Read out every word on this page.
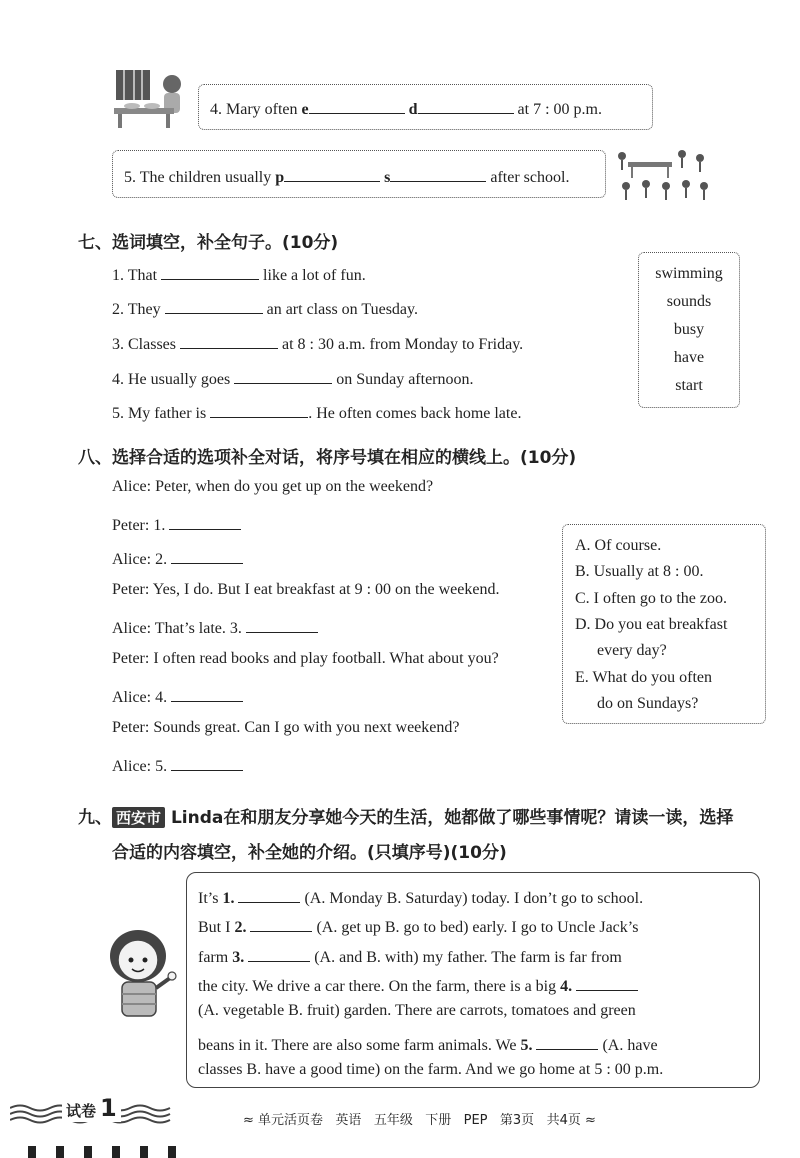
4. Mary often e	d	at 7 : 00 p.m.
5. The children usually p	s	after school.
七、选词填空，补全句子。(10分)
1. That	like a lot of fun.
2. They	an art class on Tuesday.
3. Classes	at 8 : 30 a.m. from Monday to Friday.
4. He usually goes	on Sunday afternoon.
5. My father is	. He often comes back home late.
swimming
sounds
busy
have
start
八、选择合适的选项补全对话，将序号填在相应的横线上。(10分)
Alice: Peter, when do you get up on the weekend?
Peter: 1.
Alice: 2.
Peter: Yes, I do. But I eat breakfast at 9 : 00 on the weekend.
Alice: That’s late. 3.
Peter: I often read books and play football. What about you?
Alice: 4.
Peter: Sounds great. Can I go with you next weekend?
Alice: 5.
A. Of course.
B. Usually at 8 : 00.
C. I often go to the zoo.
D. Do you eat breakfast
every day?
E. What do you often
do on Sundays?
九、 西安市 Linda在和朋友分享她今天的生活，她都做了哪些事情呢？请读一读，选择
合适的内容填空，补全她的介绍。(只填序号)(10分)
It’s 1.	(A. Monday B. Saturday) today. I don’t go to school.
But I 2.	(A. get up B. go to bed) early. I go to Uncle Jack’s
farm 3.	(A. and B. with) my father. The farm is far from
the city. We drive a car there. On the farm, there is a big 4.
(A. vegetable B. fruit) garden. There are carrots, tomatoes and green
beans in it. There are also some farm animals. We 5.	(A. have
classes B. have a good time) on the farm. And we go home at 5 : 00 p.m.
试卷 1	≈ 单元活页卷   英语   五年级   下册   PEP   第3页   共4页 ≈
